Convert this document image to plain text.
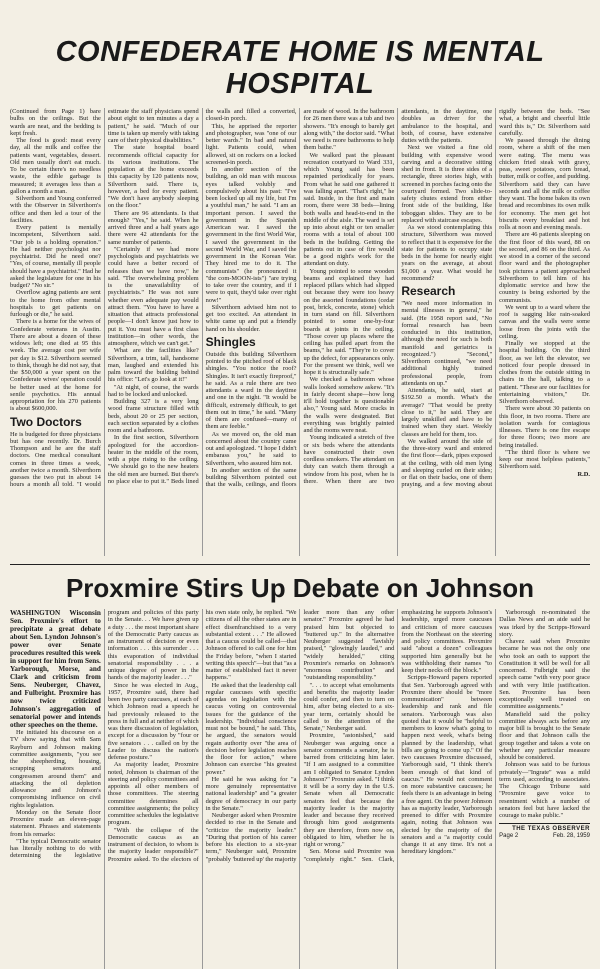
CONFEDERATE HOME IS MENTAL HOSPITAL

(Continued from Page 1) bare bulbs on the ceilings. But the wards are neat, and the bedding is kept fresh.

The food is good: meat every day, all the milk and coffee the patients want, vegetables, dessert. Old men usually don't eat much. To be certain there's no needless waste, the edible garbage is measured; it averages less than a gallon a month a man.

Silverthorn and Young conferred with the Observer in Silverthorn's office and then led a tour of the facilities.

Every patient is mentally incompetent, Silverthorn said. "Our job is a holding operation." He had neither psychologist nor psychiatrist. Did he need one? "Yes, of course, mentally ill people should have a psychiatrist." Had he asked the legislature for one in his budget? "No sir."

Overflow aging patients are sent to the home from other mental hospitals to get patients on furlough or die," he said.

There is a home for the wives of Confederate veterans in Austin. There are about a dozen of these widows left; one died at 95 this week. The average cost per wife per day is $12. Silverthorn seemed to think, though he did not say, that the $50,000 a year spent on the Confederate wives' operation could be better used at the home for senile psychotics. His annual appropriation for his 270 patients is about $600,000.

Two Doctors

He is budgeted for three physicians but has one recently. Dr. Burch Thompson and he are the staff doctors. One medical consultant comes in three times a week, another twice a month. Silverthorn guesses the two put in about 14 hours a month all told. "I would estimate the staff physicians spend about eight to ten minutes a day a patient," he said. "Much of our time is taken up merely with taking care of their physical disabilities."

The state hospital board recommends official capacity for its various institutions. The population at the home exceeds this capacity by 120 patients now, Silverthorn said. There is, however, a bed for every patient. "We don't have anybody sleeping on the floor."

There are 96 attendants. Is that enough? "Yes," he said. When he arrived three and a half years ago there were 42 attendants for the same number of patients.

"Certainly if we had more psychologists and psychiatrists we could have a better record of releases than we have now," he said. "The overwhelming problem is the unavailability of psychiatrists." He was not sure whether even adequate pay would attract them. "You have to have a situation that attracts professional people—I don't know just how to put it. You must have a first class institution—in other words, the atmosphere, which we can't get."

What are the facilities like? Silverthorn, a trim, tall, handsome man, laughed and extended his palm toward the building behind his office: "Let's go look at it!"

"At night, of course, the wards had to be locked and unlocked.

Building 327 is a very long wood frame structure filled with beds, about 20 or 25 per section, each section separated by a clothes room and a bathroom.

In the first section, Silverthorn apologized for the accordion-heater in the middle of the room, with a pipe rising to the ceiling. "We should go to the new heaters the old men are burned. But there's no place else to put it." Beds lined the walls and filled a converted, closed-in porch.

This, he apprised the reporter and photographer, was "one of our better wards." In bad and natural light. Patients could, when allowed, sit on rockers on a locked screened-in porch.

In another section of the building, an old man with mucous eyes talked volubly and compulsively about his past: "I've been locked up all my life, but I'm a youthful man," he said. "I am an important person. I saved the government in the Spanish American war. I saved the government in the first World War, I saved the government in the second World War, and I saved the government in the Korean War. They hired me to do it. The communists" (he pronounced it "the com-MOON-ists") "are trying to take over the country, and if I were to quit, they'd take over right now!"

Silverthorn advised him not to get too excited. An attendant in white came up and put a friendly hand on his shoulder.

Shingles

Outside this building Silverthorn pointed to the pitched roof of black shingles. "You notice the roof? Shingles. It isn't exactly fireproof," he said. As a rule there are two attendants a ward in the daytime and one in the night. "It would be difficult, extremely difficult, to get them out in time," he said. "Many of them are confused—many of them are feeble."

As we moved on, the old man concerned about the country came out and apologized. "I hope I didn't embarass you," he said to Silverthorn, who assured him not.

In another section of the same building Silverthorn pointed out that the walls, ceilings, and floors are made of wood. In the bathroom for 26 men there was a tub and two showers. "It's enough to barely get along with," the doctor said. "What we need is more bathrooms to help them bathe."

We walked past the pleasant recreation courtyard to Ward 331, which Young said has been repainted periodically for years. From what he said one gathered it was falling apart. "That's right," he said. Inside, in the first and main room, there were 38 beds—lining both walls and head-to-end in the middle of the aisle. The ward is set up into about eight or ten smaller rooms with a total of about 100 beds in the building. Getting the patients out in case of fire would be a good night's work for the attendant on duty.

Young pointed to some wooden beams and explained they had replaced pillars which had slipped out because they were too heavy on the assorted foundations (cedar post, brick, concrete, stone) which in turn stand on fill. Silverthorn pointed to some one-by-four boards at joints in the ceiling. "Those cover up places where the ceiling has pulled apart from the beams," he said. "They're to cover up the defect, for appearances only. For the present we think, well we hope it is structurally safe."

We checked a bathroom whose walls looked somehow askew. "It's in fairly decent shape—how long it'll hold together is questionable also," Young said. More cracks in the walls were designated. But everything was brightly painted and the rooms were neat.

Young indicated a stretch of five or six beds where the attendants have constructed their own cordless smokers. The attendant on duty can watch them through a window from his post, when he is there. When there are two attendants, in the daytime, one doubles as driver for the ambulance to the hospital, and both, of course, have extensive duties with the patients.

Next we visited a fine old building with expensive wood carving and a decorative sitting shed in front. It is three sides of a rectangle, three stories high, with screened in porches facing onto the courtyard formed. Two slide-to-safety chutes extend from either front side of the building, like toboggan slides. They are to be replaced with staircase escapes.

As we stood contemplating this structure, Silverthorn was moved to reflect that it is expensive for the state for patients to occupy state beds in the home for nearly eight years on the average, at about $1,000 a year. What would he recommend?

Research

"We need more information in mental illnesses in general," he said. (He 1958 report said, "No formal research has been conducted in this institution, although the need for such is both manifold and geriatrics is recognized.") "Second," Silverthorn continued, "we need additional highly trained professional people, from attendants on up."

Attendants, he said, start at $192.50 a month. What's the average? "That would be pretty close to it," he said. They are largely unskilled and have to be trained when they start. Weekly classes are held for them, too.

We walked around the side of the three-story ward and entered the first floor—dark, pipes exposed at the ceiling, with old men lying and sleeping curled on their sides; or flat on their backs, one of them praying, and a few moving about rigidly between the beds. "See what, a bright and cheerful little ward this is," Dr. Silverthorn said carefully.

We passed through the dining room, where a shift of the men were eating. The menu was chicken fried steak with gravy, peas, sweet potatoes, corn bread, butter, milk or coffee, and pudding. Silverthorn said they can have seconds and all the milk or coffee they want. The home bakes its own bread and recombines its own milk for economy. The men get hot biscuits every breakfast and hot rolls at noon and evening meals.

There are 46 patients sleeping on the first floor of this ward, 88 on the second, and 86 on the third. As we stood in a corner of the second floor ward and the photographer took pictures a patient approached Silverthorn to tell him of his diplomatic service and how the country is being exhorted by the communists.

We went up to a ward where the roof is sagging like rain-soaked canvas and the walls were some loose from the joints with the ceiling.

Finally we stopped at the hospital building. On the third floor, as we left the elevator, we noticed four people dressed in clothes from the outside sitting in chairs in the hall, talking to a patient. "These are our facilities for entertaining visitors," Dr. Silverthorn observed.

There were about 30 patients on this floor, in two rooms. There are isolation wards for contagious illnesses. There is one fire escape for three floors; two more are being installed.

"The third floor is where we keep our most helpless patients," Silverthorn said.

R.D.

Proxmire Stirs Up Debate on Johnson

WASHINGTON Wisconsin Sen. Proxmire's effort to precipitate a great debate about Sen. Lyndon Johnson's power over Senate procedures resulted this week in support for him from Sens. Yarborough, Morse, and Clark and criticism from Sens. Neuberger, Chavez, and Fulbright. Proxmire has now twice criticized Johnson's aggregation of senatorial power and intends other speeches on the theme.

He initiated his discourse on a TV show saying that with Sam Rayburn and Johnson making committee assignments, "you see the sheepherding, housing, scrapping senators and congressmen around them" and attacking the oil depletion allowance and Johnson's compromising influence on civil rights legislation.

Monday on the Senate floor Proxmire made an eleven-page statement. Phrases and statements from his remarks:

"The typical Democratic senator has literally nothing to do with determining the legislative program and policies of this party in the Senate. . . We have given up a duty . . . the most important share of the Democratic Party caucus as an instrument of decision or even information . . . this surrender . . . this evaporation of individual senatorial responsibility . . . a unique degree of power in the hands of the majority leader . . ."

Since he was elected in Aug., 1957, Proxmire said, there had been two party caucuses, at each of which Johnson read a speech he had previously released to the press in full and at neither of which was there discussion of legislation, except for a discussion by "four or five senators . . . called on by the Leader to discuss the nation's defense posture."

As majority leader, Proxmire noted, Johnson is chairman of the steering and policy committees and appoints all other members of those committees. The steering committee determines all committee assignments; the policy committee schedules the legislative program.

"With the collapse of the Democratic caucus as an instrument of decision, to whom is the majority leader responsible?" Proxmire asked. To the electors of his own state only, he replied. "We citizens of all the other states are in effect disenfranchised to a very substantial extent . . ." He allowed that a caucus could be called—that Johnson offered to call one for him the Friday before, "when I started writing this speech"—but that "as a matter of established fact it never happens."

He asked that the leadership call regular caucuses with specific agendas on legislation with the caucus voting on controversial issues for the guidance of the leadership. "Individual conscience must not be bound," he said. This, he argued, the senators would regain authority over "the area of decision before legislation reaches the floor for action," where Johnson can exercise "his greatest power."

He said he was asking for "a more genuinely representative national leadership" and "a greater degree of democracy in our party in the Senate."

Neuberger asked when Proxmire decided to rise in the Senate and "criticize the majority leader." "During that portion of his career before his election to a six-year term," Neuberger said, Proxmire "probably 'buttered up' the majority leader more than any other senator." Proxmire agreed he had praised him but objected to "buttered up." In the alternative Neuberger suggested "lavishly praised," "glowingly lauded," and "widely heralded," citing Proxmire's remarks on Johnson's "enormous contribution" and "outstanding responsibility."

". . . to accept what emoluments and benefits the majority leader could confer, and then to turn on him, after being elected to a six-year term, certainly should be called to the attention of the Senate," Neuberger said.

Proxmire, "astonished," said Neuberger was arguing once a senator commends a senator, he is barred from criticizing him later. "If I am assigned to a committee am I obligated to Senator Lyndon Johnson?" Proxmire asked. "I think it will be a sorry day in the U.S. Senate when all Democratic senators feel that because the majority leader is the majority leader and because they received through him good assignments they are therefore, from now on, obligated to him, whether he is right or wrong."

Sen. Morse said Proxmire was "completely right." Sen. Clark, emphasizing he supports Johnson's leadership, urged more caucuses and criticism of more caucuses from the Northeast on the steering and policy committees. Proxmire said "about a dozen" colleagues supported him generally but he was withholding their names "to keep their necks off the block."

Scripps-Howard papers reported that Sen. Yarborough agreed with Proxmire there should be "more communication" between leadership and rank and file senators. Yarborough was also quoted that it would be "helpful to members to know what's going to happen next week, what's being planned by the leadership, what bills are going to come up." Of the two caucuses Proxmire discussed, Yarborough said, "I think there's been enough of that kind of caucus." He would not comment on more substantive caucuses; he feels there is an advantage in being a free agent. On the power Johnson has as majority leader, Yarborough preened to differ with Proxmire again, noting that Johnson was elected by the majority of the senators and a "a majority could change it at any time. It's not a hereditary kingdom."

Yarborough re-nominated the Dallas News and an aide said he was irked by the Scripps-Howard story.

Chavez said when Proxmire became he was not the only one who took an oath to support the Constitution it will be well for all concerned. Fulbright said the speech came "with very poor grace and with very little justification. Sen. Proxmire has been exceptionally well treated on committee assignments."

Mansfield said the policy committee always acts before any major bill is brought to the Senate floor and that Johnson calls the group together and takes a vote on whether any particular measure should be considered.

Johnson was said to be furious privately—"Ingrate" was a mild term used, according to associates. The Chicago Tribune said "Proxmire gave voice to resentment which a number of senators feel but have lacked the courage to make public."

THE TEXAS OBSERVER
Page 2	Feb. 28, 1959
